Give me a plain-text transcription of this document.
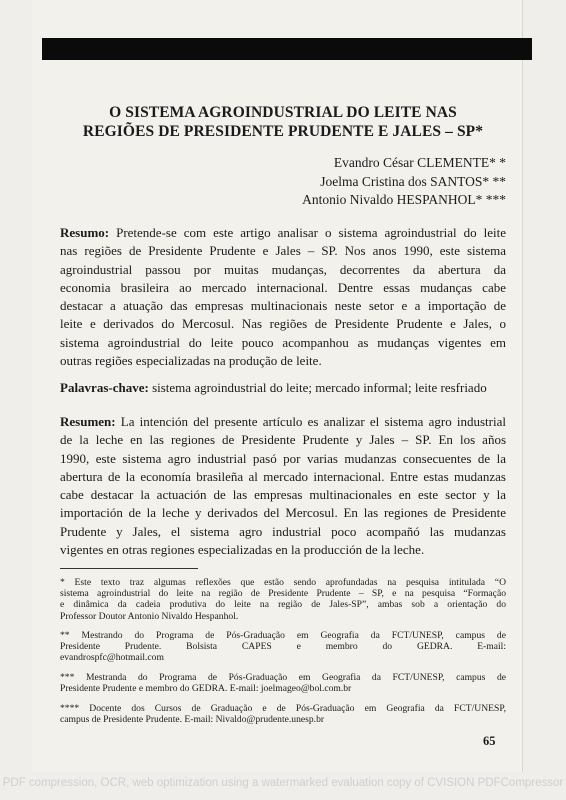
O SISTEMA AGROINDUSTRIAL DO LEITE NAS
REGIÕES DE PRESIDENTE PRUDENTE E JALES – SP*
Evandro César CLEMENTE* *
Joelma Cristina dos SANTOS* **
Antonio Nivaldo HESPANHOL* ***
Resumo: Pretende-se com este artigo analisar o sistema agroindustrial do leite
nas regiões de Presidente Prudente e Jales – SP. Nos anos 1990, este sistema
agroindustrial passou por muitas mudanças, decorrentes da abertura da
economia brasileira ao mercado internacional. Dentre essas mudanças cabe
destacar a atuação das empresas multinacionais neste setor e a importação de
leite e derivados do Mercosul. Nas regiões de Presidente Prudente e Jales, o
sistema agroindustrial do leite pouco acompanhou as mudanças vigentes em
outras regiões especializadas na produção de leite.
Palavras-chave: sistema agroindustrial do leite; mercado informal; leite resfriado
Resumen: La intención del presente artículo es analizar el sistema agro industrial
de la leche en las regiones de Presidente Prudente y Jales – SP. En los años
1990, este sistema agro industrial pasó por varias mudanzas consecuentes de la
abertura de la economía brasileña al mercado internacional. Entre estas mudanzas
cabe destacar la actuación de las empresas multinacionales en este sector y la
importación de la leche y derivados del Mercosul. En las regiones de Presidente
Prudente y Jales, el sistema agro industrial poco acompañó las mudanzas
vigentes en otras regiones especializadas en la producción de la leche.
* Este texto traz algumas reflexões que estão sendo aprofundadas na pesquisa intitulada “O
sistema agroindustrial do leite na região de Presidente Prudente – SP, e na pesquisa “Formação
e dinâmica da cadeia produtiva do leite na região de Jales-SP”, ambas sob a orientação do
Professor Doutor Antonio Nivaldo Hespanhol.
** Mestrando do Programa de Pós-Graduação em Geografia da FCT/UNESP, campus de
Presidente Prudente. Bolsista CAPES e membro do GEDRA. E-mail:
evandrospfc@hotmail.com
*** Mestranda do Programa de Pós-Graduação em Geografia da FCT/UNESP, campus de
Presidente Prudente e membro do GEDRA. E-mail: joelmageo@bol.com.br
**** Docente dos Cursos de Graduação e de Pós-Graduação em Geografia da FCT/UNESP,
campus de Presidente Prudente. E-mail: Nivaldo@prudente.unesp.br
65
PDF compression, OCR, web optimization using a watermarked evaluation copy of CVISION PDFCompressor
